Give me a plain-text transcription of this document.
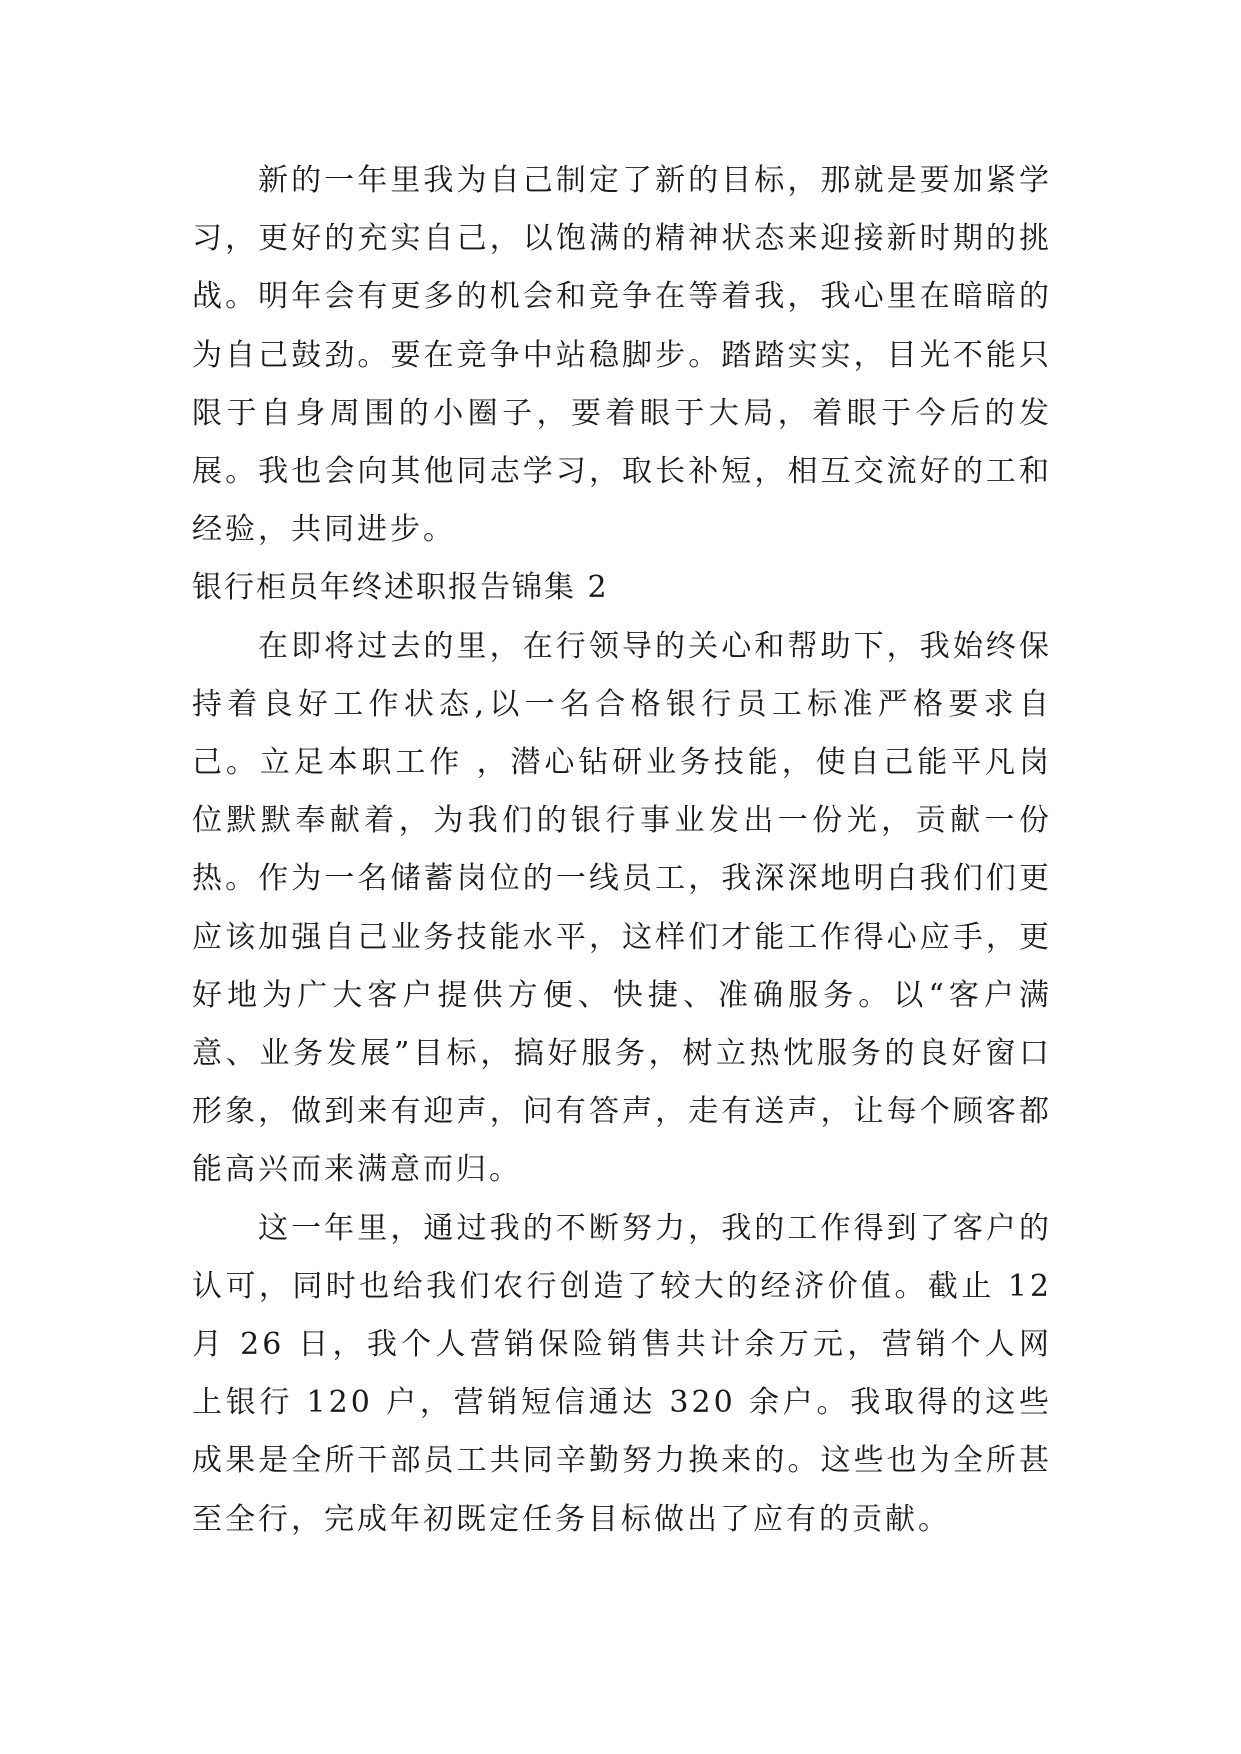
新的一年里我为自己制定了新的目标，那就是要加紧学习，更好的充实自己，以饱满的精神状态来迎接新时期的挑战。明年会有更多的机会和竞争在等着我，我心里在暗暗的为自己鼓劲。要在竞争中站稳脚步。踏踏实实，目光不能只限于自身周围的小圈子，要着眼于大局，着眼于今后的发展。我也会向其他同志学习，取长补短，相互交流好的工和经验，共同进步。

银行柜员年终述职报告锦集 2

在即将过去的里，在行领导的关心和帮助下，我始终保持着良好工作状态,以一名合格银行员工标准严格要求自己。立足本职工作 ，潜心钻研业务技能，使自己能平凡岗位默默奉献着，为我们的银行事业发出一份光，贡献一份热。作为一名储蓄岗位的一线员工，我深深地明白我们们更应该加强自己业务技能水平，这样们才能工作得心应手，更好地为广大客户提供方便、快捷、准确服务。以“客户满意、业务发展”目标，搞好服务，树立热忱服务的良好窗口形象，做到来有迎声，问有答声，走有送声，让每个顾客都能高兴而来满意而归。

这一年里，通过我的不断努力，我的工作得到了客户的认可，同时也给我们农行创造了较大的经济价值。截止 12 月 26 日，我个人营销保险销售共计余万元，营销个人网上银行 120 户，营销短信通达 320 余户。我取得的这些成果是全所干部员工共同辛勤努力换来的。这些也为全所甚至全行，完成年初既定任务目标做出了应有的贡献。
